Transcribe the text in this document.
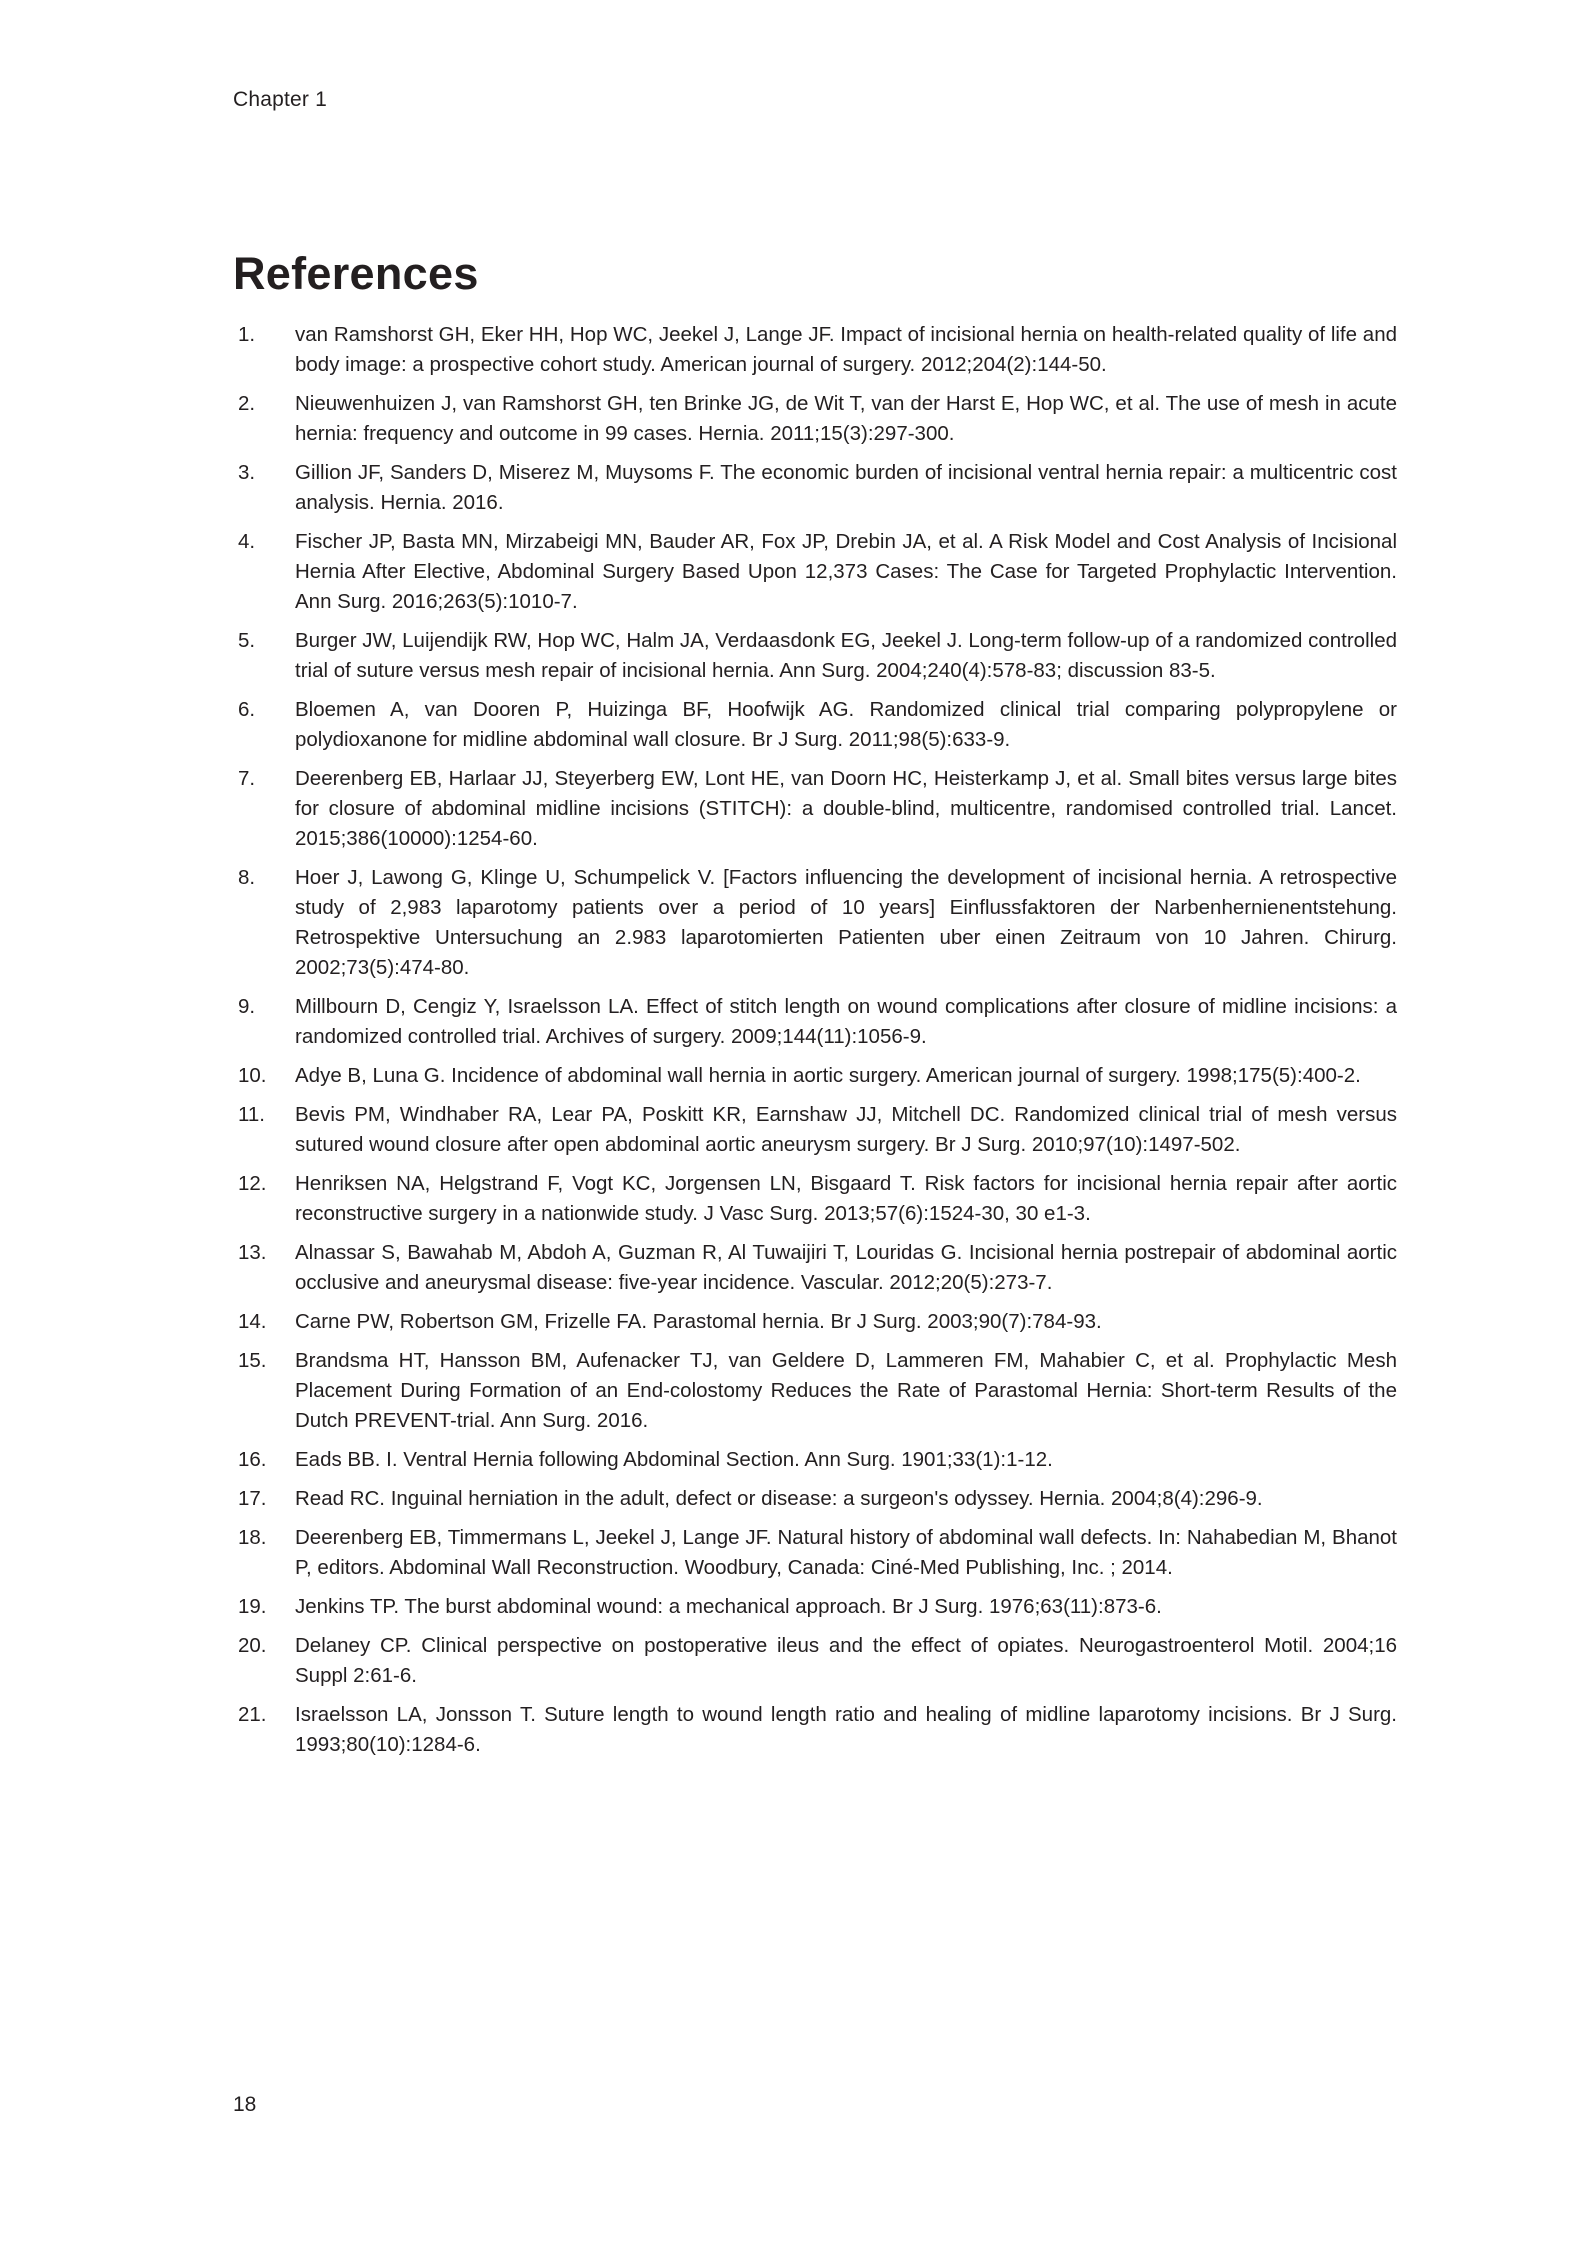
Chapter 1
References
1.	van Ramshorst GH, Eker HH, Hop WC, Jeekel J, Lange JF. Impact of incisional hernia on health-related quality of life and body image: a prospective cohort study. American journal of surgery. 2012;204(2):144-50.
2.	Nieuwenhuizen J, van Ramshorst GH, ten Brinke JG, de Wit T, van der Harst E, Hop WC, et al. The use of mesh in acute hernia: frequency and outcome in 99 cases. Hernia. 2011;15(3):297-300.
3.	Gillion JF, Sanders D, Miserez M, Muysoms F. The economic burden of incisional ventral hernia repair: a multicentric cost analysis. Hernia. 2016.
4.	Fischer JP, Basta MN, Mirzabeigi MN, Bauder AR, Fox JP, Drebin JA, et al. A Risk Model and Cost Analysis of Incisional Hernia After Elective, Abdominal Surgery Based Upon 12,373 Cases: The Case for Targeted Prophylactic Intervention. Ann Surg. 2016;263(5):1010-7.
5.	Burger JW, Luijendijk RW, Hop WC, Halm JA, Verdaasdonk EG, Jeekel J. Long-term follow-up of a randomized controlled trial of suture versus mesh repair of incisional hernia. Ann Surg. 2004;240(4):578-83; discussion 83-5.
6.	Bloemen A, van Dooren P, Huizinga BF, Hoofwijk AG. Randomized clinical trial comparing polypropylene or polydioxanone for midline abdominal wall closure. Br J Surg. 2011;98(5):633-9.
7.	Deerenberg EB, Harlaar JJ, Steyerberg EW, Lont HE, van Doorn HC, Heisterkamp J, et al. Small bites versus large bites for closure of abdominal midline incisions (STITCH): a double-blind, multicentre, randomised controlled trial. Lancet. 2015;386(10000):1254-60.
8.	Hoer J, Lawong G, Klinge U, Schumpelick V. [Factors influencing the development of incisional hernia. A retrospective study of 2,983 laparotomy patients over a period of 10 years] Einflussfaktoren der Narbenhernienentstehung. Retrospektive Untersuchung an 2.983 laparotomierten Patienten uber einen Zeitraum von 10 Jahren. Chirurg. 2002;73(5):474-80.
9.	Millbourn D, Cengiz Y, Israelsson LA. Effect of stitch length on wound complications after closure of midline incisions: a randomized controlled trial. Archives of surgery. 2009;144(11):1056-9.
10.	Adye B, Luna G. Incidence of abdominal wall hernia in aortic surgery. American journal of surgery. 1998;175(5):400-2.
11.	Bevis PM, Windhaber RA, Lear PA, Poskitt KR, Earnshaw JJ, Mitchell DC. Randomized clinical trial of mesh versus sutured wound closure after open abdominal aortic aneurysm surgery. Br J Surg. 2010;97(10):1497-502.
12.	Henriksen NA, Helgstrand F, Vogt KC, Jorgensen LN, Bisgaard T. Risk factors for incisional hernia repair after aortic reconstructive surgery in a nationwide study. J Vasc Surg. 2013;57(6):1524-30, 30 e1-3.
13.	Alnassar S, Bawahab M, Abdoh A, Guzman R, Al Tuwaijiri T, Louridas G. Incisional hernia postrepair of abdominal aortic occlusive and aneurysmal disease: five-year incidence. Vascular. 2012;20(5):273-7.
14.	Carne PW, Robertson GM, Frizelle FA. Parastomal hernia. Br J Surg. 2003;90(7):784-93.
15.	Brandsma HT, Hansson BM, Aufenacker TJ, van Geldere D, Lammeren FM, Mahabier C, et al. Prophylactic Mesh Placement During Formation of an End-colostomy Reduces the Rate of Parastomal Hernia: Short-term Results of the Dutch PREVENT-trial. Ann Surg. 2016.
16.	Eads BB. I. Ventral Hernia following Abdominal Section. Ann Surg. 1901;33(1):1-12.
17.	Read RC. Inguinal herniation in the adult, defect or disease: a surgeon's odyssey. Hernia. 2004;8(4):296-9.
18.	Deerenberg EB, Timmermans L, Jeekel J, Lange JF. Natural history of abdominal wall defects. In: Nahabedian M, Bhanot P, editors. Abdominal Wall Reconstruction. Woodbury, Canada: Ciné-Med Publishing, Inc. ; 2014.
19.	Jenkins TP. The burst abdominal wound: a mechanical approach. Br J Surg. 1976;63(11):873-6.
20.	Delaney CP. Clinical perspective on postoperative ileus and the effect of opiates. Neurogastroenterol Motil. 2004;16 Suppl 2:61-6.
21.	Israelsson LA, Jonsson T. Suture length to wound length ratio and healing of midline laparotomy incisions. Br J Surg. 1993;80(10):1284-6.
18
